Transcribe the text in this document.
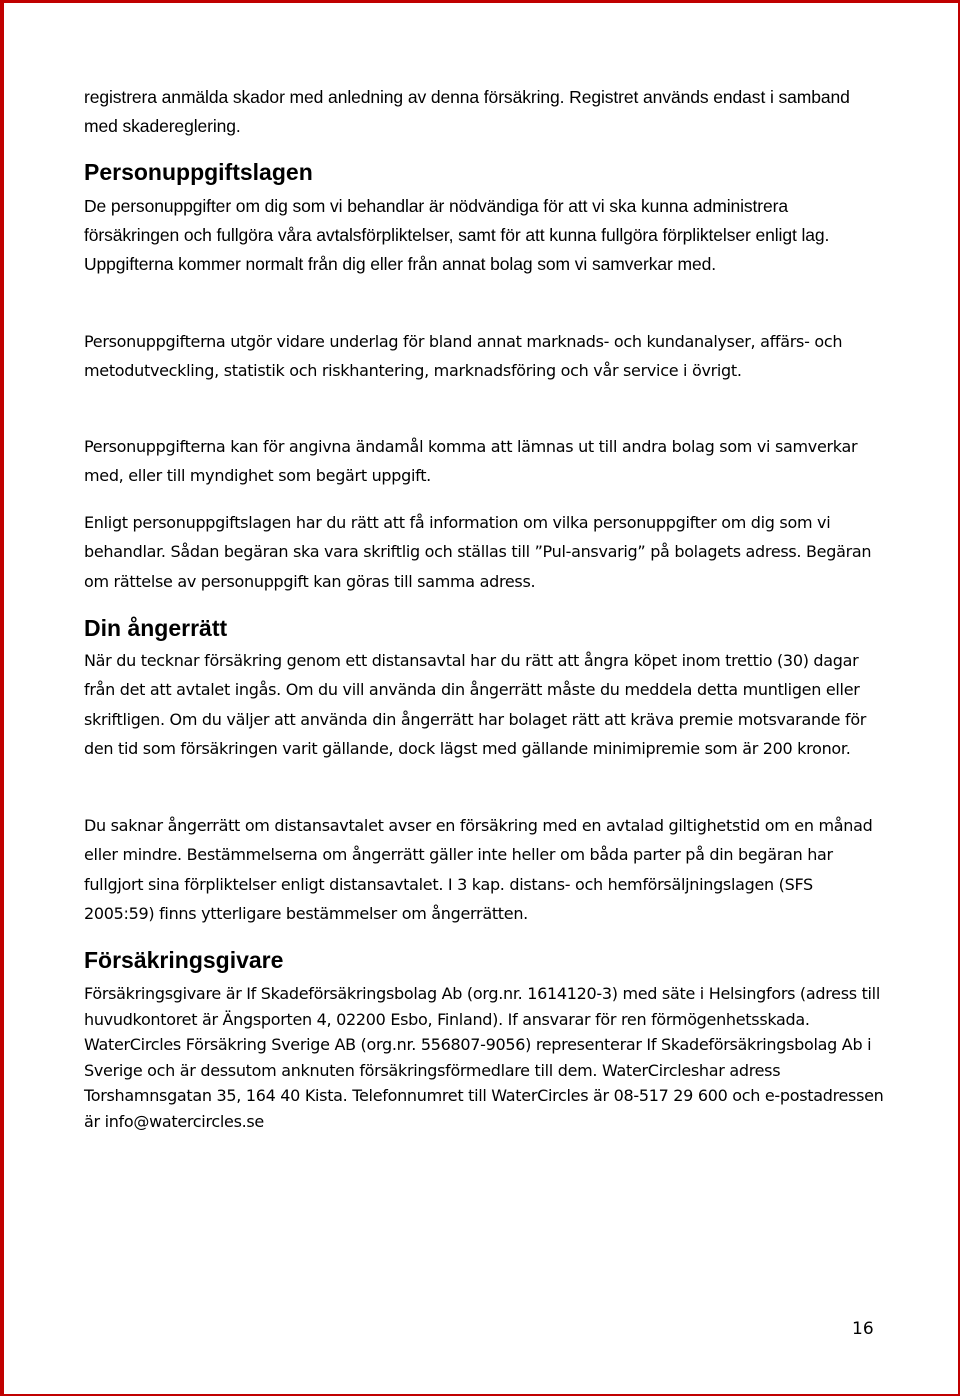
registrera anmälda skador med anledning av denna försäkring. Registret används endast i samband med skadereglering.

Personuppgiftslagen

De personuppgifter om dig som vi behandlar är nödvändiga för att vi ska kunna administrera försäkringen och fullgöra våra avtalsförpliktelser, samt för att kunna fullgöra förpliktelser enligt lag. Uppgifterna kommer normalt från dig eller från annat bolag som vi samverkar med.

Personuppgifterna utgör vidare underlag för bland annat marknads- och kundanalyser, affärs- och metodutveckling, statistik och riskhantering, marknadsföring och vår service i övrigt.

Personuppgifterna kan för angivna ändamål komma att lämnas ut till andra bolag som vi samverkar med, eller till myndighet som begärt uppgift.

Enligt personuppgiftslagen har du rätt att få information om vilka personuppgifter om dig som vi behandlar. Sådan begäran ska vara skriftlig och ställas till ”Pul-ansvarig” på bolagets adress. Begäran om rättelse av personuppgift kan göras till samma adress.

Din ångerrätt

När du tecknar försäkring genom ett distansavtal har du rätt att ångra köpet inom trettio (30) dagar från det att avtalet ingås. Om du vill använda din ångerrätt måste du meddela detta muntligen eller skriftligen. Om du väljer att använda din ångerrätt har bolaget rätt att kräva premie motsvarande för den tid som försäkringen varit gällande, dock lägst med gällande minimipremie som är 200 kronor.

Du saknar ångerrätt om distansavtalet avser en försäkring med en avtalad giltighetstid om en månad eller mindre. Bestämmelserna om ångerrätt gäller inte heller om båda parter på din begäran har fullgjort sina förpliktelser enligt distansavtalet. I 3 kap. distans- och hemförsäljningslagen (SFS 2005:59) finns ytterligare bestämmelser om ångerrätten.

Försäkringsgivare

Försäkringsgivare är If Skadeförsäkringsbolag Ab (org.nr. 1614120-3) med säte i Helsingfors (adress till huvudkontoret är Ängsporten 4, 02200 Esbo, Finland). If ansvarar för ren förmögenhetsskada. WaterCircles Försäkring Sverige AB (org.nr. 556807-9056) representerar If Skadeförsäkringsbolag Ab i Sverige och är dessutom anknuten försäkringsförmedlare till dem. WaterCircleshar adress Torshamnsgatan 35, 164 40 Kista. Telefonnumret till WaterCircles är 08-517 29 600 och e-postadressen är info@watercircles.se

16
